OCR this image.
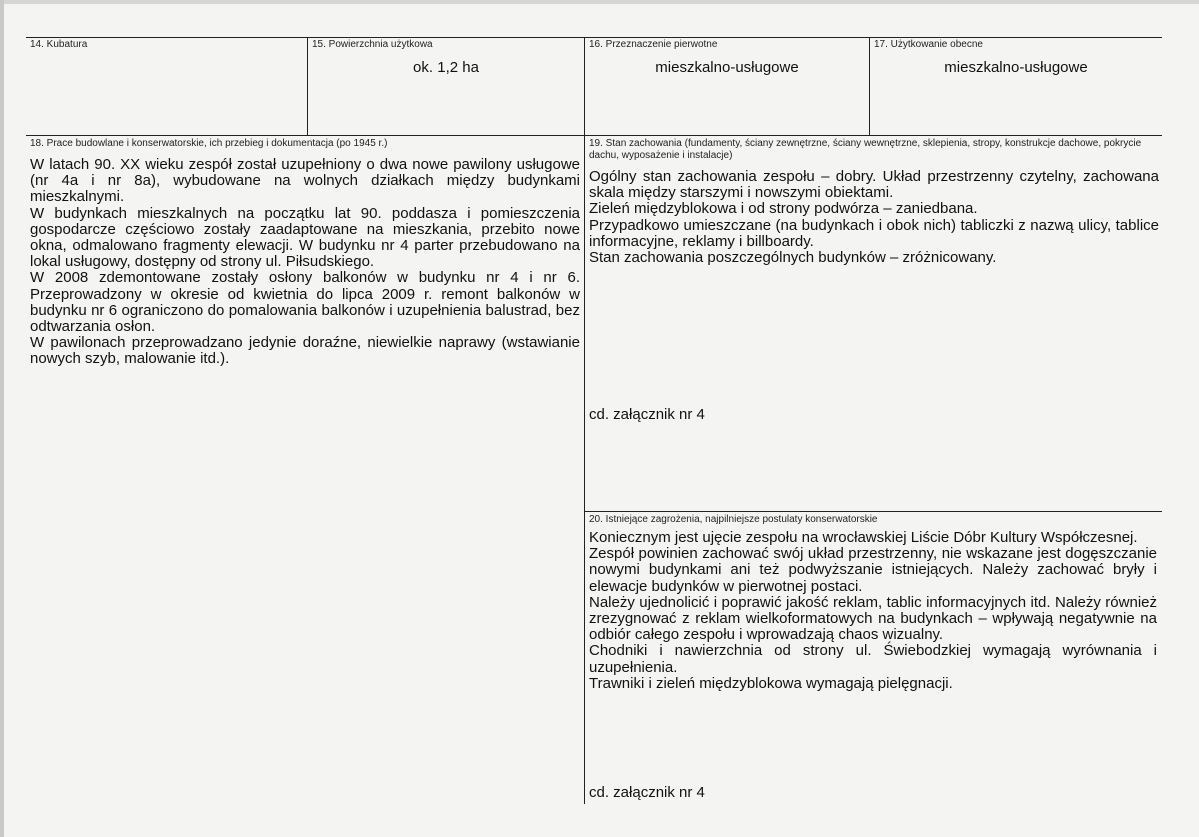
14. Kubatura	15. Powierzchnia użytkowa
ok. 1,2 ha
16. Przeznaczenie pierwotne
mieszkalno-usługowe
17. Użytkowanie obecne
mieszkalno-usługowe
18. Prace budowlane i konserwatorskie, ich przebieg i dokumentacja (po 1945 r.)

W latach 90. XX wieku zespół został uzupełniony o dwa nowe pawilony usługowe (nr 4a i nr 8a), wybudowane na wolnych działkach między budynkami mieszkalnymi.

W budynkach mieszkalnych na początku lat 90. poddasza i pomieszczenia gospodarcze częściowo zostały zaadaptowane na mieszkania, przebito nowe okna, odmalowano fragmenty elewacji. W budynku nr 4 parter przebudowano na lokal usługowy, dostępny od strony ul. Piłsudskiego.

W 2008 zdemontowane zostały osłony balkonów w budynku nr 4 i nr 6. Przeprowadzony w okresie od kwietnia do lipca 2009 r. remont balkonów w budynku nr 6 ograniczono do pomalowania balkonów i uzupełnienia balustrad, bez odtwarzania osłon.

W pawilonach przeprowadzano jedynie doraźne, niewielkie naprawy (wstawianie nowych szyb, malowanie itd.).

19. Stan zachowania (fundamenty, ściany zewnętrzne, ściany wewnętrzne, sklepienia, stropy, konstrukcje dachowe, pokrycie dachu, wyposażenie i instalacje)

Ogólny stan zachowania zespołu – dobry. Układ przestrzenny czytelny, zachowana skala między starszymi i nowszymi obiektami.

Zieleń międzyblokowa i od strony podwórza – zaniedbana.

Przypadkowo umieszczane (na budynkach i obok nich) tabliczki z nazwą ulicy, tablice informacyjne, reklamy i billboardy.

Stan zachowania poszczególnych budynków – zróżnicowany.

cd. załącznik nr 4
20. Istniejące zagrożenia, najpilniejsze postulaty konserwatorskie

Koniecznym jest ujęcie zespołu na wrocławskiej Liście Dóbr Kultury Współczesnej.

Zespół powinien zachować swój układ przestrzenny, nie wskazane jest dogęszczanie nowymi budynkami ani też podwyższanie istniejących. Należy zachować bryły i elewacje budynków w pierwotnej postaci.

Należy ujednolicić i poprawić jakość reklam, tablic informacyjnych itd. Należy również zrezygnować z reklam wielkoformatowych na budynkach – wpływają negatywnie na odbiór całego zespołu i wprowadzają chaos wizualny.

Chodniki i nawierzchnia od strony ul. Świebodzkiej wymagają wyrównania i uzupełnienia.

Trawniki i zieleń międzyblokowa wymagają pielęgnacji.

cd. załącznik nr 4
